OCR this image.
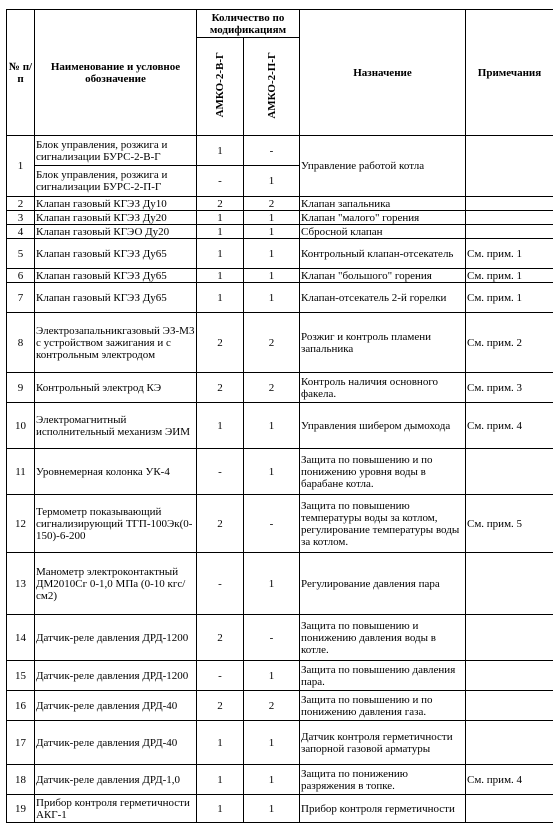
№ п/п	Наименование и условное обозначение	Количество по модификациям		Назначение	Примечания
		АМКО-2-В-Г	АМКО-2-П-Г		
1	Блок управления, розжига и сигнализации БУРС-2-В-Г	1	-	Управление работой котла	
	Блок управления, розжига и сигнализации БУРС-2-П-Г	-	1		
2	Клапан газовый КГЭЗ Ду10	2	2	Клапан запальника	
3	Клапан газовый КГЭЗ Ду20	1	1	Клапан "малого" горения	
4	Клапан газовый КГЭО Ду20	1	1	Сбросной клапан	
5	Клапан газовый КГЭЗ Ду65	1	1	Контрольный клапан-отсекатель	См. прим. 1
6	Клапан газовый КГЭЗ Ду65	1	1	Клапан "большого" горения	См. прим. 1
7	Клапан газовый КГЭЗ Ду65	1	1	Клапан-отсекатель 2-й горелки	См. прим. 1
8	Электрозапальникгазовый ЭЗ-М3 с устройством зажигания и с контрольным электродом	2	2	Розжиг и контроль пламени запальника	См. прим. 2
9	Контрольный электрод КЭ	2	2	Контроль наличия основного факела.	См. прим. 3
10	Электромагнитный исполнительный механизм ЭИМ	1	1	Управления шибером дымохода	См. прим. 4
11	Уровнемерная колонка УК-4	-	1	Защита по повышению и по понижению уровня воды в барабане котла.	
12	Термометр показывающий сигнализирующий ТГП-100Эк(0-150)-6-200	2	-	Защита по повышению температуры воды за котлом, регулирование температуры воды за котлом.	См. прим. 5
13	Манометр электроконтактный ДМ2010Сг 0-1,0 МПа (0-10 кгс/см2)	-	1	Регулирование давления пара	
14	Датчик-реле давления ДРД-1200	2	-	Защита по повышению и понижению давления воды в котле.	
15	Датчик-реле давления ДРД-1200	-	1	Защита по повышению давления пара.	
16	Датчик-реле давления ДРД-40	2	2	Защита по повышению и по понижению давления газа.	
17	Датчик-реле давления ДРД-40	1	1	Датчик контроля герметичности запорной газовой арматуры	
18	Датчик-реле давления ДРД-1,0	1	1	Защита по понижению разряжения в топке.	См. прим. 4
19	Прибор контроля герметичности АКГ-1	1	1	Прибор контроля герметичности	
